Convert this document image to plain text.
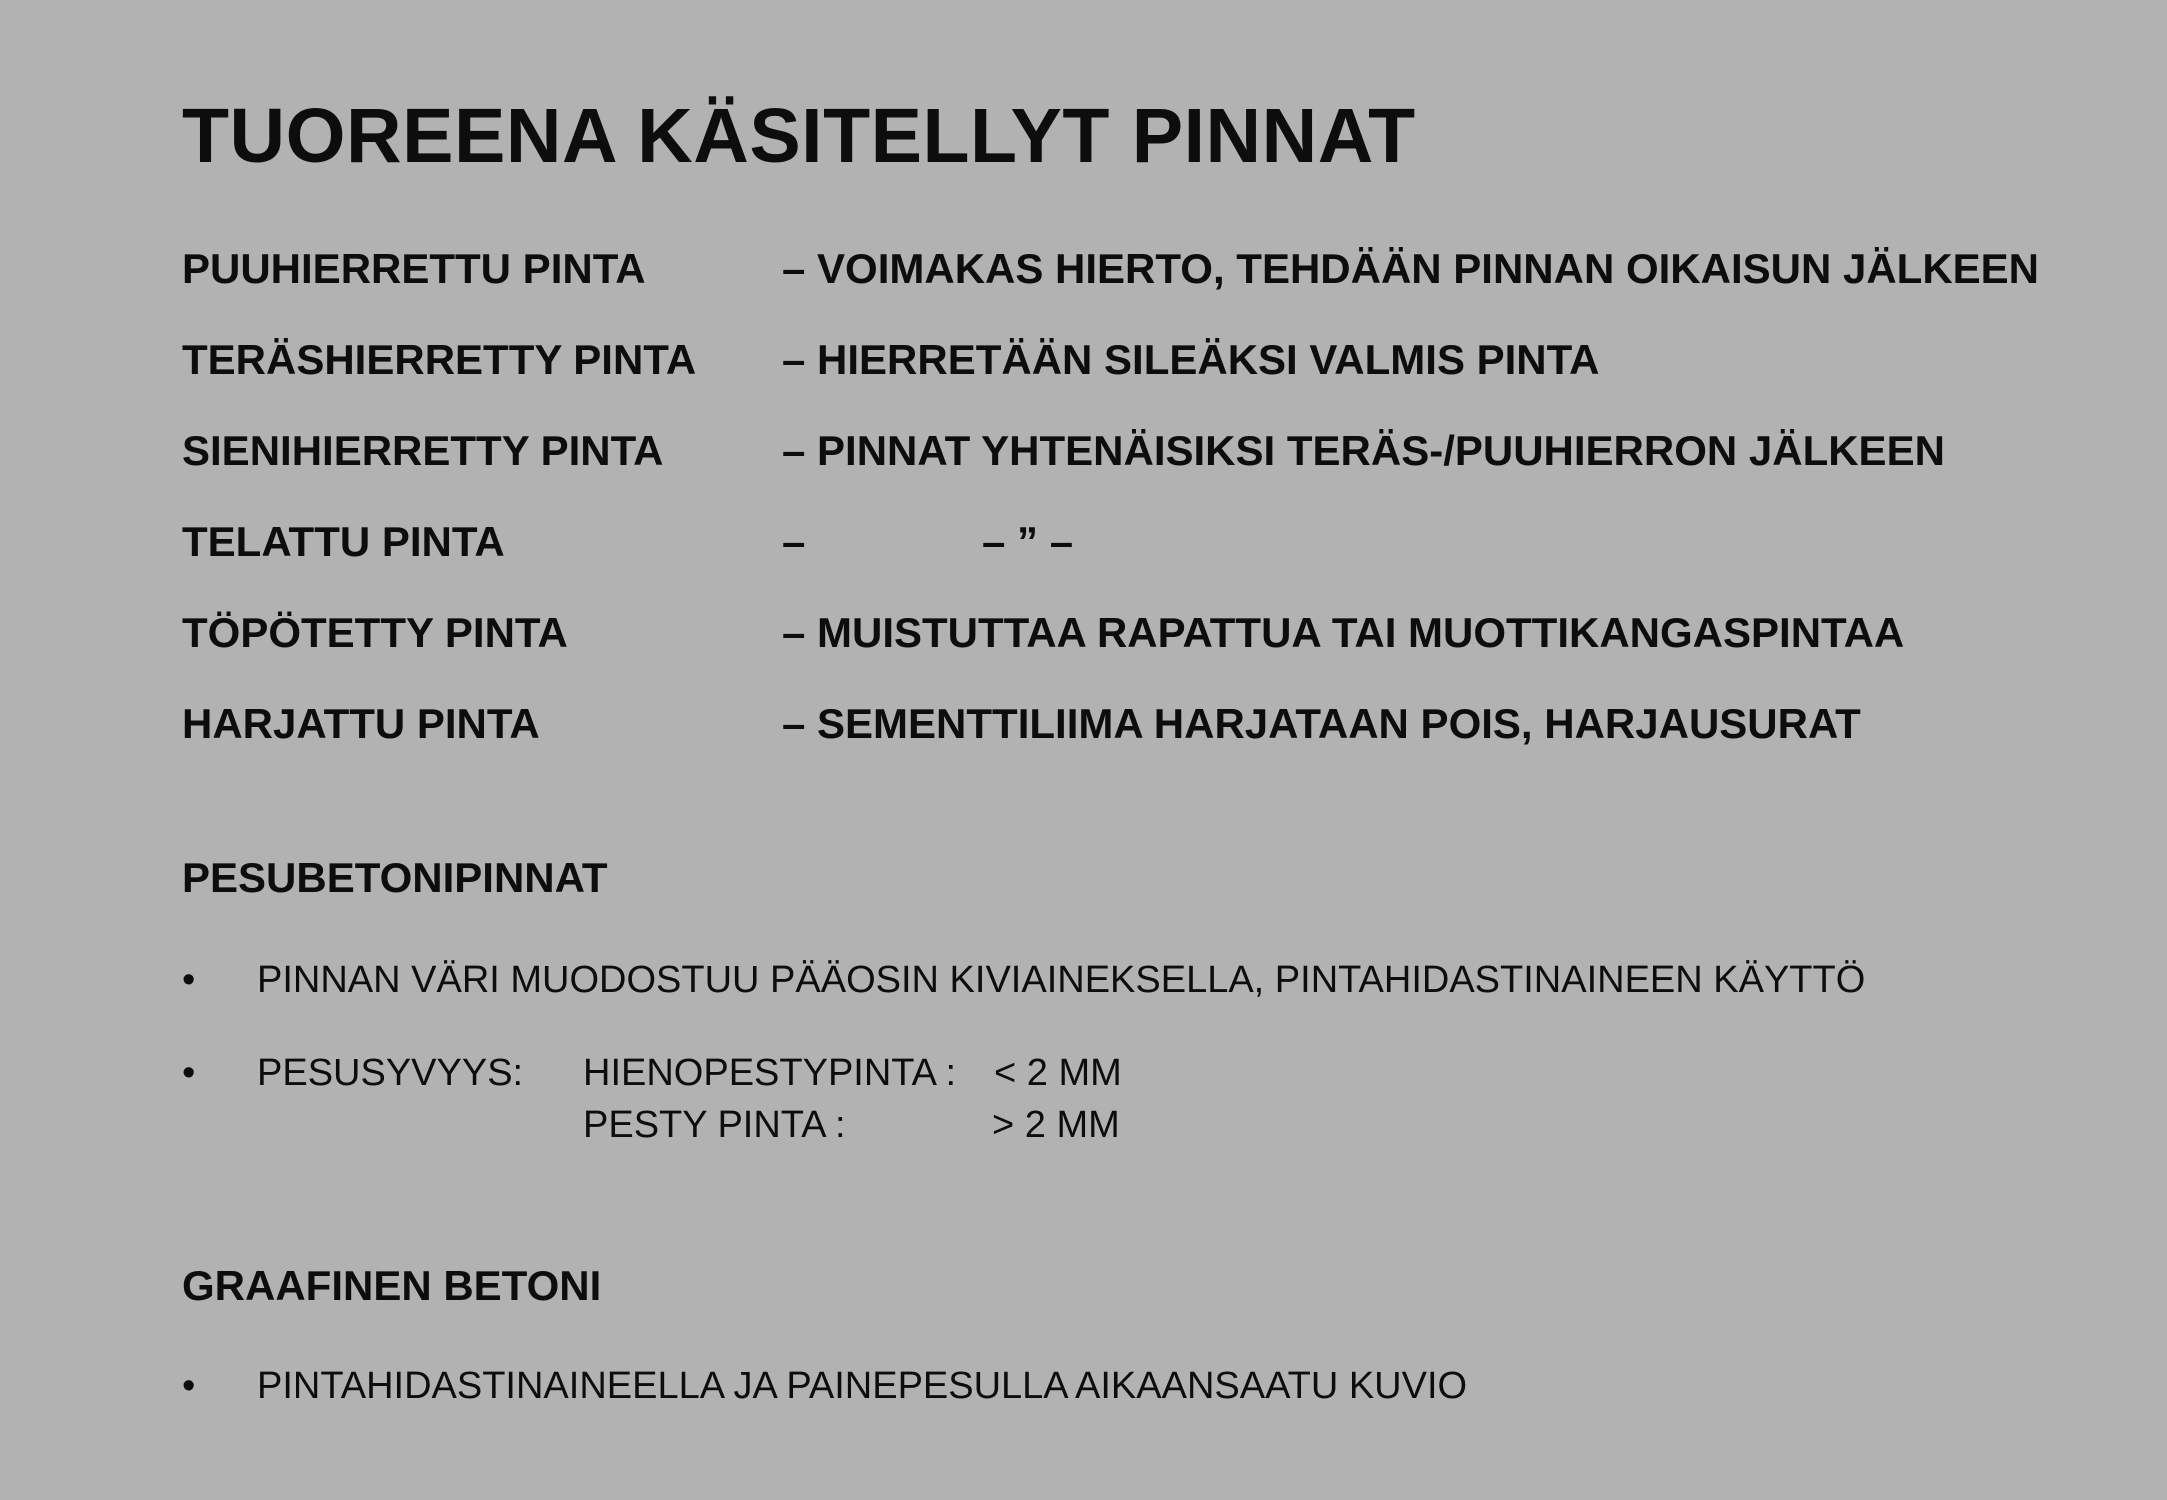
TUOREENA KÄSITELLYT PINNAT
PUUHIERRETTU PINTA	– VOIMAKAS HIERTO, TEHDÄÄN PINNAN OIKAISUN JÄLKEEN
TERÄSHIERRETTY PINTA – HIERRETÄÄN SILEÄKSI VALMIS PINTA
SIENIHIERRETTY PINTA	– PINNAT YHTENÄISIKSI TERÄS-/PUUHIERRON JÄLKEEN
TELATTU PINTA	–	– ” –
TÖPÖTETTY PINTA	– MUISTUTTAA RAPATTUA TAI MUOTTIKANGASPINTAA
HARJATTU PINTA	– SEMENTTILIIMA HARJATAAN POIS, HARJAUSURAT
PESUBETONIPINNAT
• PINNAN VÄRI MUODOSTUU PÄÄOSIN KIVIAINEKSELLA, PINTAHIDASTINAINEEN KÄYTTÖ
• PESUSYVYYS: HIENOPESTYPINTA : < 2 MM
PESTY PINTA :	> 2 MM
GRAAFINEN BETONI
• PINTAHIDASTINAINEELLA JA PAINEPESULLA AIKAANSAATU KUVIO
